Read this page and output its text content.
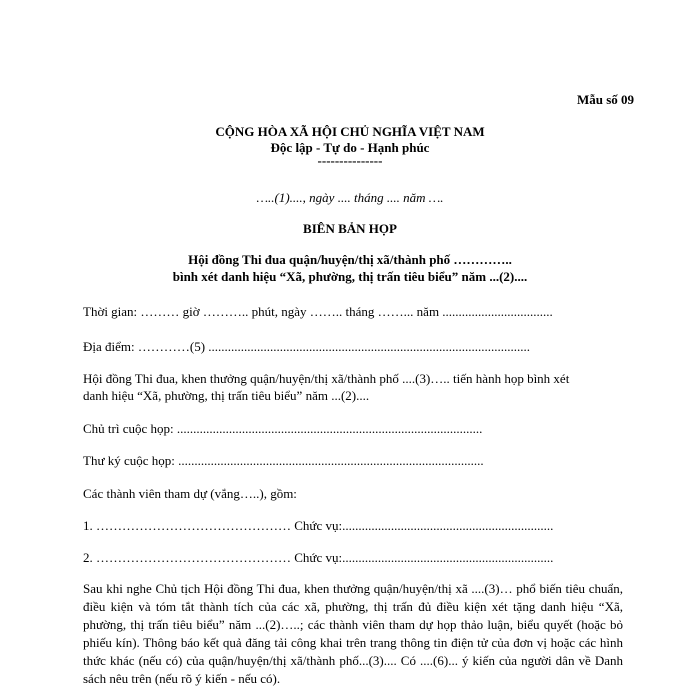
Mẫu số 09
CỘNG HÒA XÃ HỘI CHỦ NGHĨA VIỆT NAM
Độc lập - Tự do - Hạnh phúc
---------------
…..(1)...., ngày .... tháng .... năm ….
BIÊN BẢN HỌP
Hội đồng Thi đua quận/huyện/thị xã/thành phố …………..
bình xét danh hiệu “Xã, phường, thị trấn tiêu biểu” năm ...(2)....
Thời gian: ……… giờ ……….. phút, ngày …….. tháng ……... năm ..................................
Địa điểm: …………(5) ...................................................................................................
Hội đồng Thi đua, khen thưởng quận/huyện/thị xã/thành phố ....(3)….. tiến hành họp bình xét
danh hiệu “Xã, phường, thị trấn tiêu biểu” năm ...(2)....
Chủ trì cuộc họp: ..............................................................................................
Thư ký cuộc họp: ..............................................................................................
Các thành viên tham dự (vắng…..), gồm:
1. ……………………………………… Chức vụ:.................................................................
2. ……………………………………… Chức vụ:.................................................................
Sau khi nghe Chủ tịch Hội đồng Thi đua, khen thưởng quận/huyện/thị xã ....(3)… phổ biến tiêu chuẩn, điều kiện và tóm tắt thành tích của các xã, phường, thị trấn đủ điều kiện xét tặng danh hiệu “Xã, phường, thị trấn tiêu biểu” năm ...(2)…..; các thành viên tham dự họp thảo luận, biểu quyết (hoặc bỏ phiếu kín). Thông báo kết quả đăng tải công khai trên trang thông tin điện tử của đơn vị hoặc các hình thức khác (nếu có) của quận/huyện/thị xã/thành phố...(3).... Có ....(6)... ý kiến của người dân về Danh sách nêu trên (nếu rõ ý kiến - nếu có).
